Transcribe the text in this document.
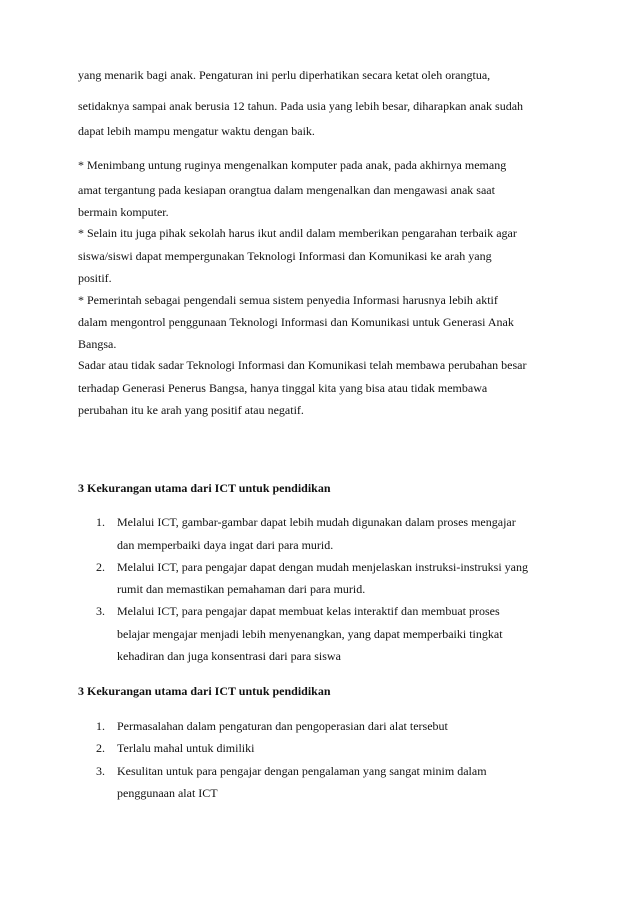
yang menarik bagi anak. Pengaturan ini perlu diperhatikan secara ketat oleh orangtua,
setidaknya sampai anak berusia 12 tahun. Pada usia yang lebih besar, diharapkan anak sudah
dapat lebih mampu mengatur waktu dengan baik.
* Menimbang untung ruginya mengenalkan komputer pada anak, pada akhirnya memang
amat tergantung pada kesiapan orangtua dalam mengenalkan dan mengawasi anak saat
bermain komputer.
* Selain itu juga pihak sekolah harus ikut andil dalam memberikan pengarahan terbaik agar
siswa/siswi dapat mempergunakan Teknologi Informasi dan Komunikasi ke arah yang
positif.
* Pemerintah sebagai pengendali semua sistem penyedia Informasi harusnya lebih aktif
dalam mengontrol penggunaan Teknologi Informasi dan Komunikasi untuk Generasi Anak
Bangsa.
Sadar atau tidak sadar Teknologi Informasi dan Komunikasi telah membawa perubahan besar
terhadap Generasi Penerus Bangsa, hanya tinggal kita yang bisa atau tidak membawa
perubahan itu ke arah yang positif atau negatif.
3 Kekurangan utama dari ICT untuk pendidikan
1. Melalui ICT, gambar-gambar dapat lebih mudah digunakan dalam proses mengajar
dan memperbaiki daya ingat dari para murid.
2. Melalui ICT, para pengajar dapat dengan mudah menjelaskan instruksi-instruksi yang
rumit dan memastikan pemahaman dari para murid.
3. Melalui ICT, para pengajar dapat membuat kelas interaktif dan membuat proses
belajar mengajar menjadi lebih menyenangkan, yang dapat memperbaiki tingkat
kehadiran dan juga konsentrasi dari para siswa
3 Kekurangan utama dari ICT untuk pendidikan
1. Permasalahan dalam pengaturan dan pengoperasian dari alat tersebut
2. Terlalu mahal untuk dimiliki
3. Kesulitan untuk para pengajar dengan pengalaman yang sangat minim dalam
penggunaan alat ICT
